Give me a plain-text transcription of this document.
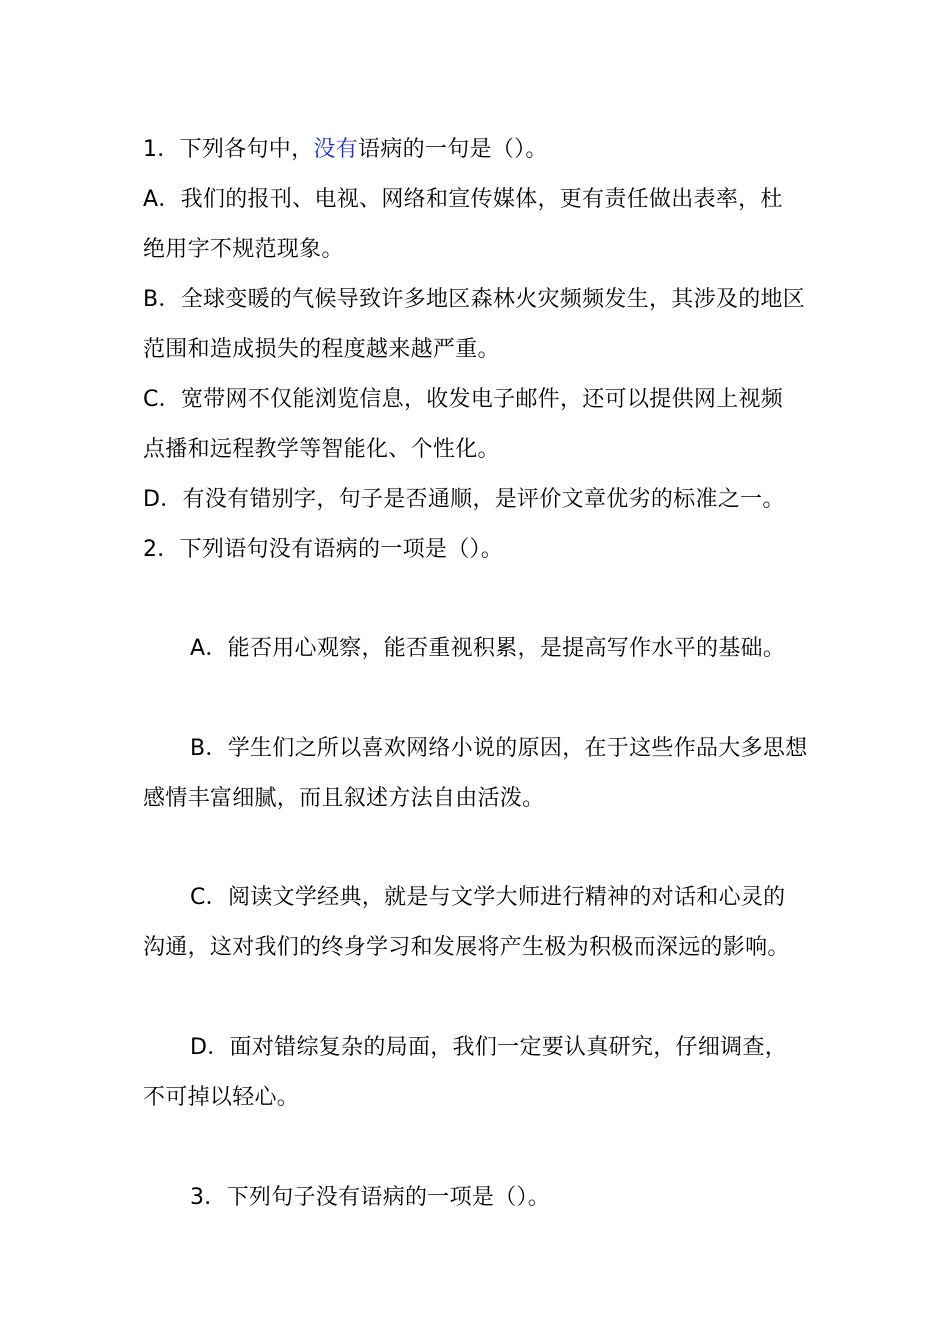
1．下列各句中，没有语病的一句是（）。
A．我们的报刊、电视、网络和宣传媒体，更有责任做出表率，杜
绝用字不规范现象。
B．全球变暖的气候导致许多地区森林火灾频频发生，其涉及的地区
范围和造成损失的程度越来越严重。
C．宽带网不仅能浏览信息，收发电子邮件，还可以提供网上视频
点播和远程教学等智能化、个性化。
D．有没有错别字，句子是否通顺，是评价文章优劣的标准之一。
2．下列语句没有语病的一项是（）。
A．能否用心观察，能否重视积累，是提高写作水平的基础。
B．学生们之所以喜欢网络小说的原因，在于这些作品大多思想
感情丰富细腻，而且叙述方法自由活泼。
C．阅读文学经典，就是与文学大师进行精神的对话和心灵的
沟通，这对我们的终身学习和发展将产生极为积极而深远的影响。
D．面对错综复杂的局面，我们一定要认真研究，仔细调查，
不可掉以轻心。
3．下列句子没有语病的一项是（）。
